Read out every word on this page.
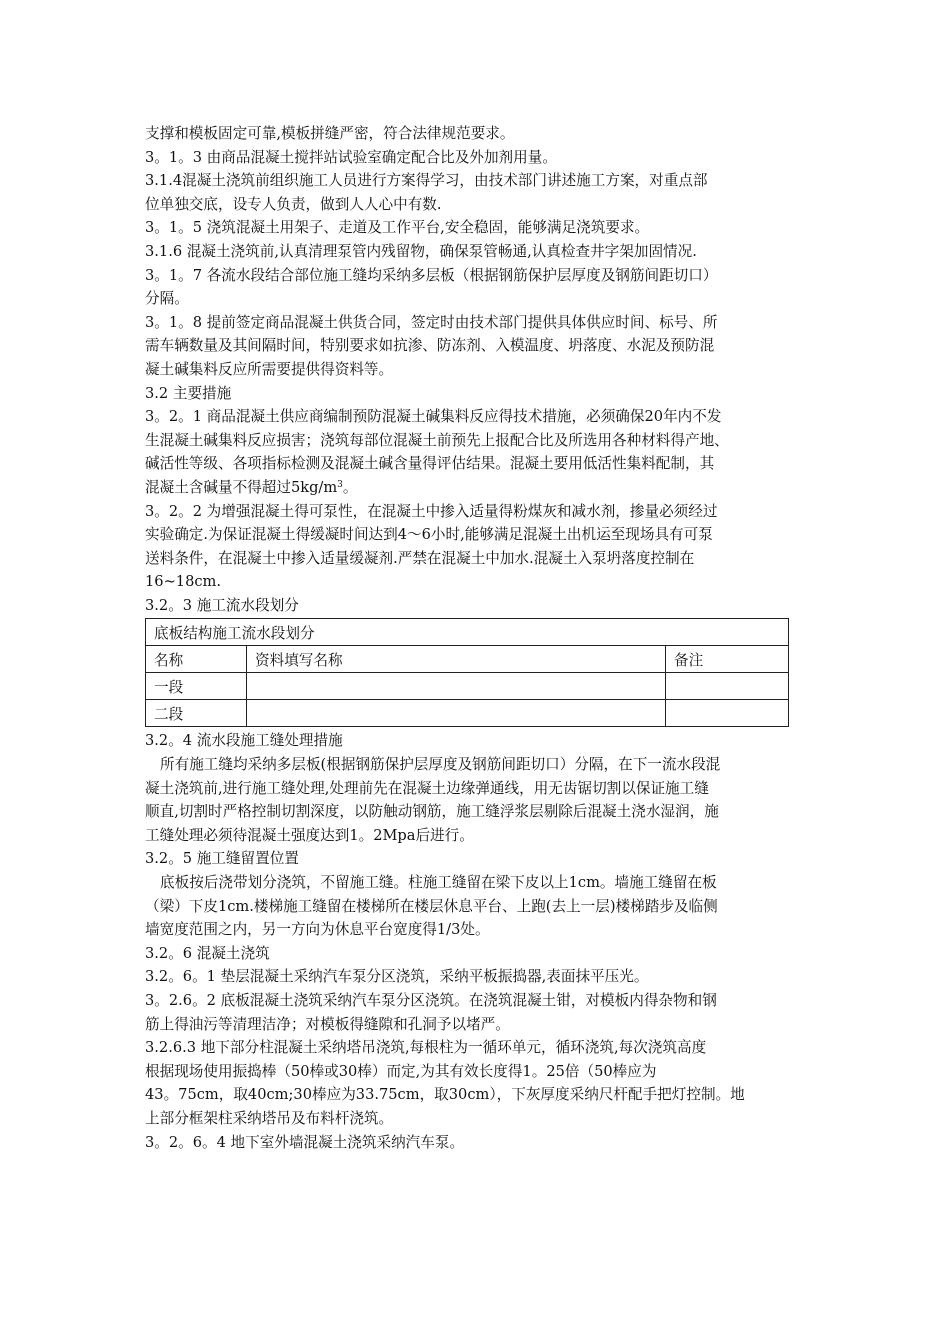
支撑和模板固定可靠,模板拼缝严密，符合法律规范要求。
3。1。3 由商品混凝土搅拌站试验室确定配合比及外加剂用量。
3.1.4混凝土浇筑前组织施工人员进行方案得学习，由技术部门讲述施工方案，对重点部
位单独交底，设专人负责，做到人人心中有数.
3。1。5 浇筑混凝土用架子、走道及工作平台,安全稳固，能够满足浇筑要求。
3.1.6 混凝土浇筑前,认真清理泵管内残留物，确保泵管畅通,认真检查井字架加固情况.
3。1。7 各流水段结合部位施工缝均采纳多层板（根据钢筋保护层厚度及钢筋间距切口）
分隔。
3。1。8 提前签定商品混凝土供货合同，签定时由技术部门提供具体供应时间、标号、所
需车辆数量及其间隔时间，特别要求如抗渗、防冻剂、入模温度、坍落度、水泥及预防混
凝土碱集料反应所需要提供得资料等。
3.2 主要措施
3。2。1 商品混凝土供应商编制预防混凝土碱集料反应得技术措施，必须确保20年内不发
生混凝土碱集料反应损害；浇筑每部位混凝土前预先上报配合比及所选用各种材料得产地、
碱活性等级、各项指标检测及混凝土碱含量得评估结果。混凝土要用低活性集料配制，其
混凝土含碱量不得超过$5kg/m^3$。
3。2。2 为增强混凝土得可泵性，在混凝土中掺入适量得粉煤灰和减水剂，掺量必须经过
实验确定.为保证混凝土得缓凝时间达到4～6小时,能够满足混凝土出机运至现场具有可泵
送料条件，在混凝土中掺入适量缓凝剂.严禁在混凝土中加水.混凝土入泵坍落度控制在
16~18cm.
3.2。3 施工流水段划分
底板结构施工流水段划分		
名称	资料填写名称	备注
一段		
二段		
3.2。4 流水段施工缝处理措施
所有施工缝均采纳多层板(根据钢筋保护层厚度及钢筋间距切口）分隔，在下一流水段混
凝土浇筑前,进行施工缝处理,处理前先在混凝土边缘弹通线，用无齿锯切割以保证施工缝
顺直,切割时严格控制切割深度，以防触动钢筋，施工缝浮浆层剔除后混凝土浇水湿润，施
工缝处理必须待混凝土强度达到1。2Mpa后进行。
3.2。5 施工缝留置位置
底板按后浇带划分浇筑，不留施工缝。柱施工缝留在梁下皮以上1cm。墙施工缝留在板
（梁）下皮1cm.楼梯施工缝留在楼梯所在楼层休息平台、上跑(去上一层)楼梯踏步及临侧
墙宽度范围之内，另一方向为休息平台宽度得1/3处。
3.2。6 混凝土浇筑
3.2。6。1 垫层混凝土采纳汽车泵分区浇筑，采纳平板振捣器,表面抹平压光。
3。2.6。2 底板混凝土浇筑采纳汽车泵分区浇筑。在浇筑混凝土钳，对模板内得杂物和钢
筋上得油污等清理洁净；对模板得缝隙和孔洞予以堵严。
3.2.6.3 地下部分柱混凝土采纳塔吊浇筑,每根柱为一循环单元，循环浇筑,每次浇筑高度
根据现场使用振捣棒（50棒或30棒）而定,为其有效长度得1。25倍（50棒应为
43。75cm，取40cm;30棒应为33.75cm，取30cm），下灰厚度采纳尺杆配手把灯控制。地
上部分框架柱采纳塔吊及布料杆浇筑。
3。2。6。4 地下室外墙混凝土浇筑采纳汽车泵。
